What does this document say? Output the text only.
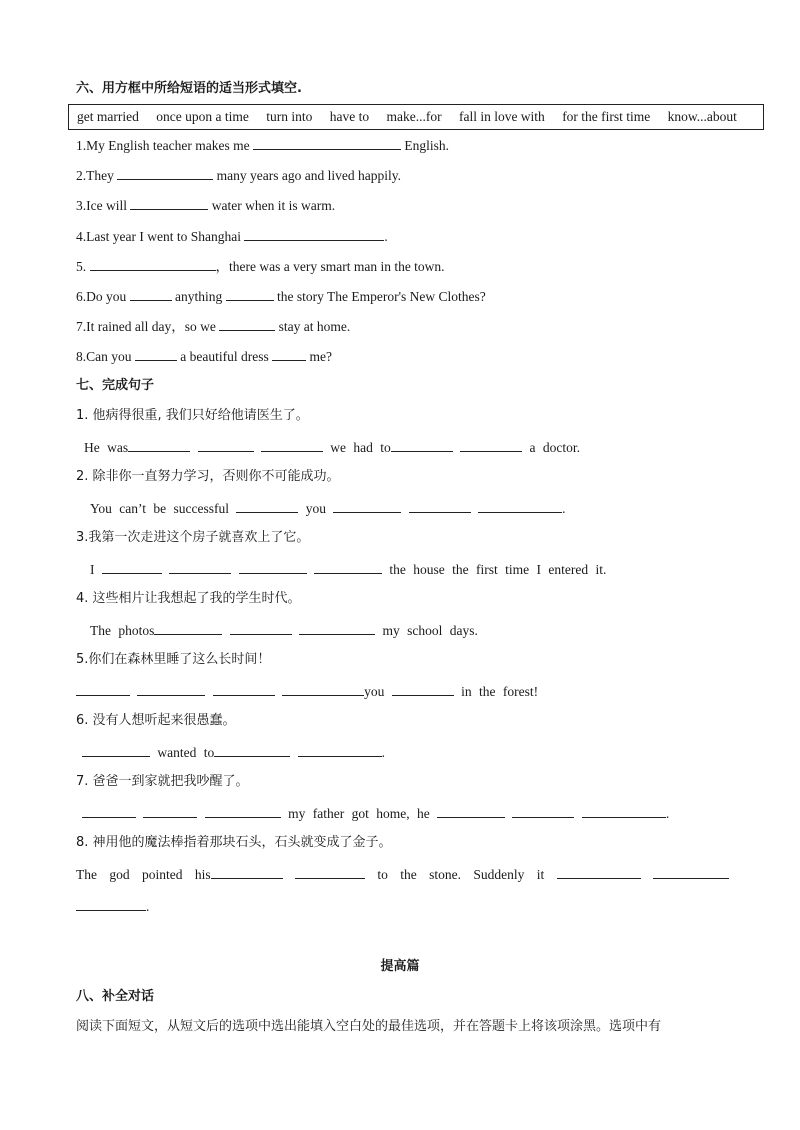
六、用方框中所给短语的适当形式填空.
get married once upon a time turn into have to make...for fall in love with for the first time know...about
1.My English teacher makes me	English.
2.They	many years ago and lived happily.
3.Ice will	water when it is warm.
4.Last year I went to Shanghai	.
5.	，there was a very smart man in the town.
6.Do you	anything	the story The Emperor's New Clothes?
7.It rained all day，so we	stay at home.
8.Can you	a beautiful dress	me?
七、完成句子
1. 他病得很重, 我们只好给他请医生了。
He was	we had to	a doctor.
2. 除非你一直努力学习，否则你不可能成功。
You can’t be successful	you	.
3.我第一次走进这个房子就喜欢上了它。
I	the house the first time I entered it.
4. 这些相片让我想起了我的学生时代。
The photos	my school days.
5.你们在森林里睡了这么长时间！
you	in the forest!
6. 没有人想听起来很愚蠢。
wanted to	.
7. 爸爸一到家就把我吵醒了。
my father got home, he	.
8. 神用他的魔法棒指着那块石头，石头就变成了金子。
The god pointed his	to the stone. Suddenly it
.
提高篇
八、补全对话
阅读下面短文，从短文后的选项中选出能填入空白处的最佳选项，并在答题卡上将该项涂黑。选项中有
